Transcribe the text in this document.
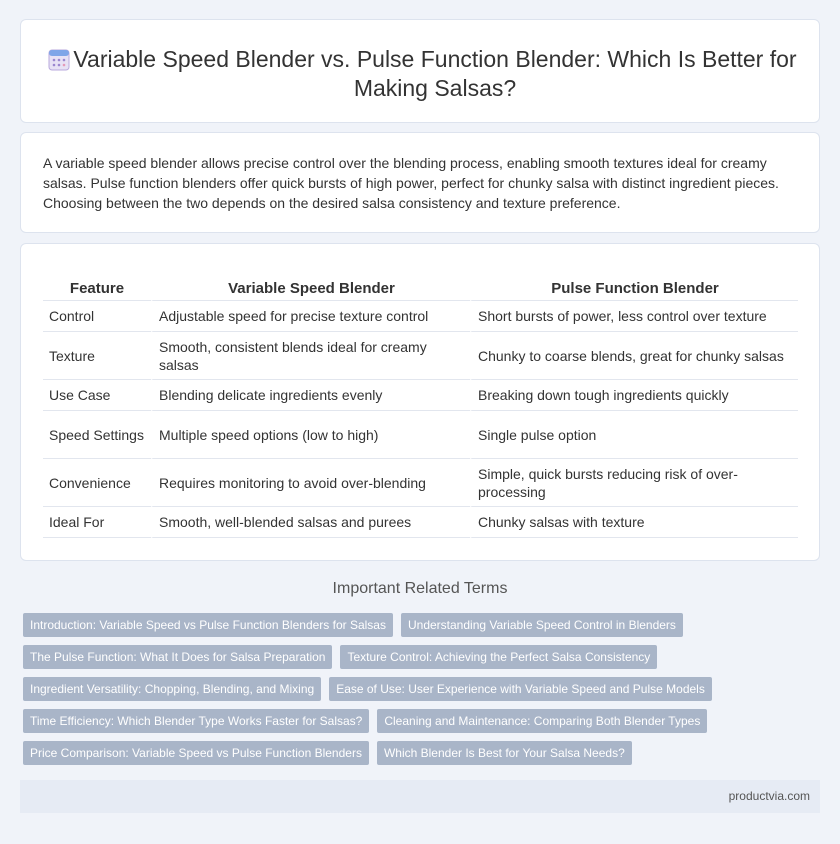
Variable Speed Blender vs. Pulse Function Blender: Which Is Better for Making Salsas?
A variable speed blender allows precise control over the blending process, enabling smooth textures ideal for creamy salsas. Pulse function blenders offer quick bursts of high power, perfect for chunky salsa with distinct ingredient pieces. Choosing between the two depends on the desired salsa consistency and texture preference.
Feature	Variable Speed Blender	Pulse Function Blender
Control	Adjustable speed for precise texture control	Short bursts of power, less control over texture
Texture	Smooth, consistent blends ideal for creamy salsas	Chunky to coarse blends, great for chunky salsas
Use Case	Blending delicate ingredients evenly	Breaking down tough ingredients quickly
Speed Settings	Multiple speed options (low to high)	Single pulse option
Convenience	Requires monitoring to avoid over-blending	Simple, quick bursts reducing risk of over-processing
Ideal For	Smooth, well-blended salsas and purees	Chunky salsas with texture
Important Related Terms
Introduction: Variable Speed vs Pulse Function Blenders for Salsas	Understanding Variable Speed Control in Blenders
The Pulse Function: What It Does for Salsa Preparation	Texture Control: Achieving the Perfect Salsa Consistency
Ingredient Versatility: Chopping, Blending, and Mixing	Ease of Use: User Experience with Variable Speed and Pulse Models
Time Efficiency: Which Blender Type Works Faster for Salsas?	Cleaning and Maintenance: Comparing Both Blender Types
Price Comparison: Variable Speed vs Pulse Function Blenders	Which Blender Is Best for Your Salsa Needs?
productvia.com
